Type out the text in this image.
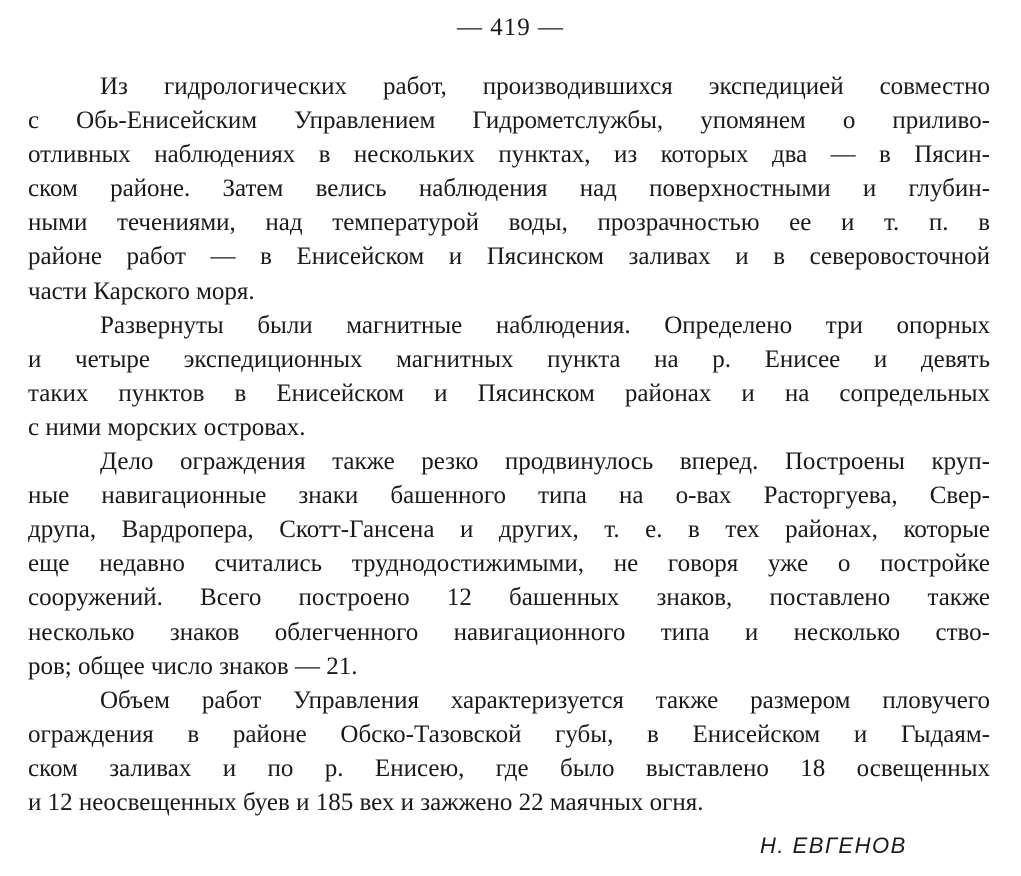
— 419 —
Из гидрологических работ, производившихся экспедицией совместно
с Обь-Енисейским Управлением Гидрометслужбы, упомянем о приливо-
отливных наблюдениях в нескольких пунктах, из которых два — в Пясин-
ском районе. Затем велись наблюдения над поверхностными и глубин-
ными течениями, над температурой воды, прозрачностью ее и т. п. в
районе работ — в Енисейском и Пясинском заливах и в северовосточной
части Карского моря.
Развернуты были магнитные наблюдения. Определено три опорных
и четыре экспедиционных магнитных пункта на р. Енисее и девять
таких пунктов в Енисейском и Пясинском районах и на сопредельных
с ними морских островах.
Дело ограждения также резко продвинулось вперед. Построены круп-
ные навигационные знаки башенного типа на о-вах Расторгуева, Свер-
друпа, Вардропера, Скотт-Гансена и других, т. е. в тех районах, которые
еще недавно считались труднодостижимыми, не говоря уже о постройке
сооружений. Всего построено 12 башенных знаков, поставлено также
несколько знаков облегченного навигационного типа и несколько ство-
ров; общее число знаков — 21.
Объем работ Управления характеризуется также размером пловучего
ограждения в районе Обско-Тазовской губы, в Енисейском и Гыдаям-
ском заливах и по р. Енисею, где было выставлено 18 освещенных
и 12 неосвещенных буев и 185 вех и зажжено 22 маячных огня.
Н. ЕВГЕНОВ
